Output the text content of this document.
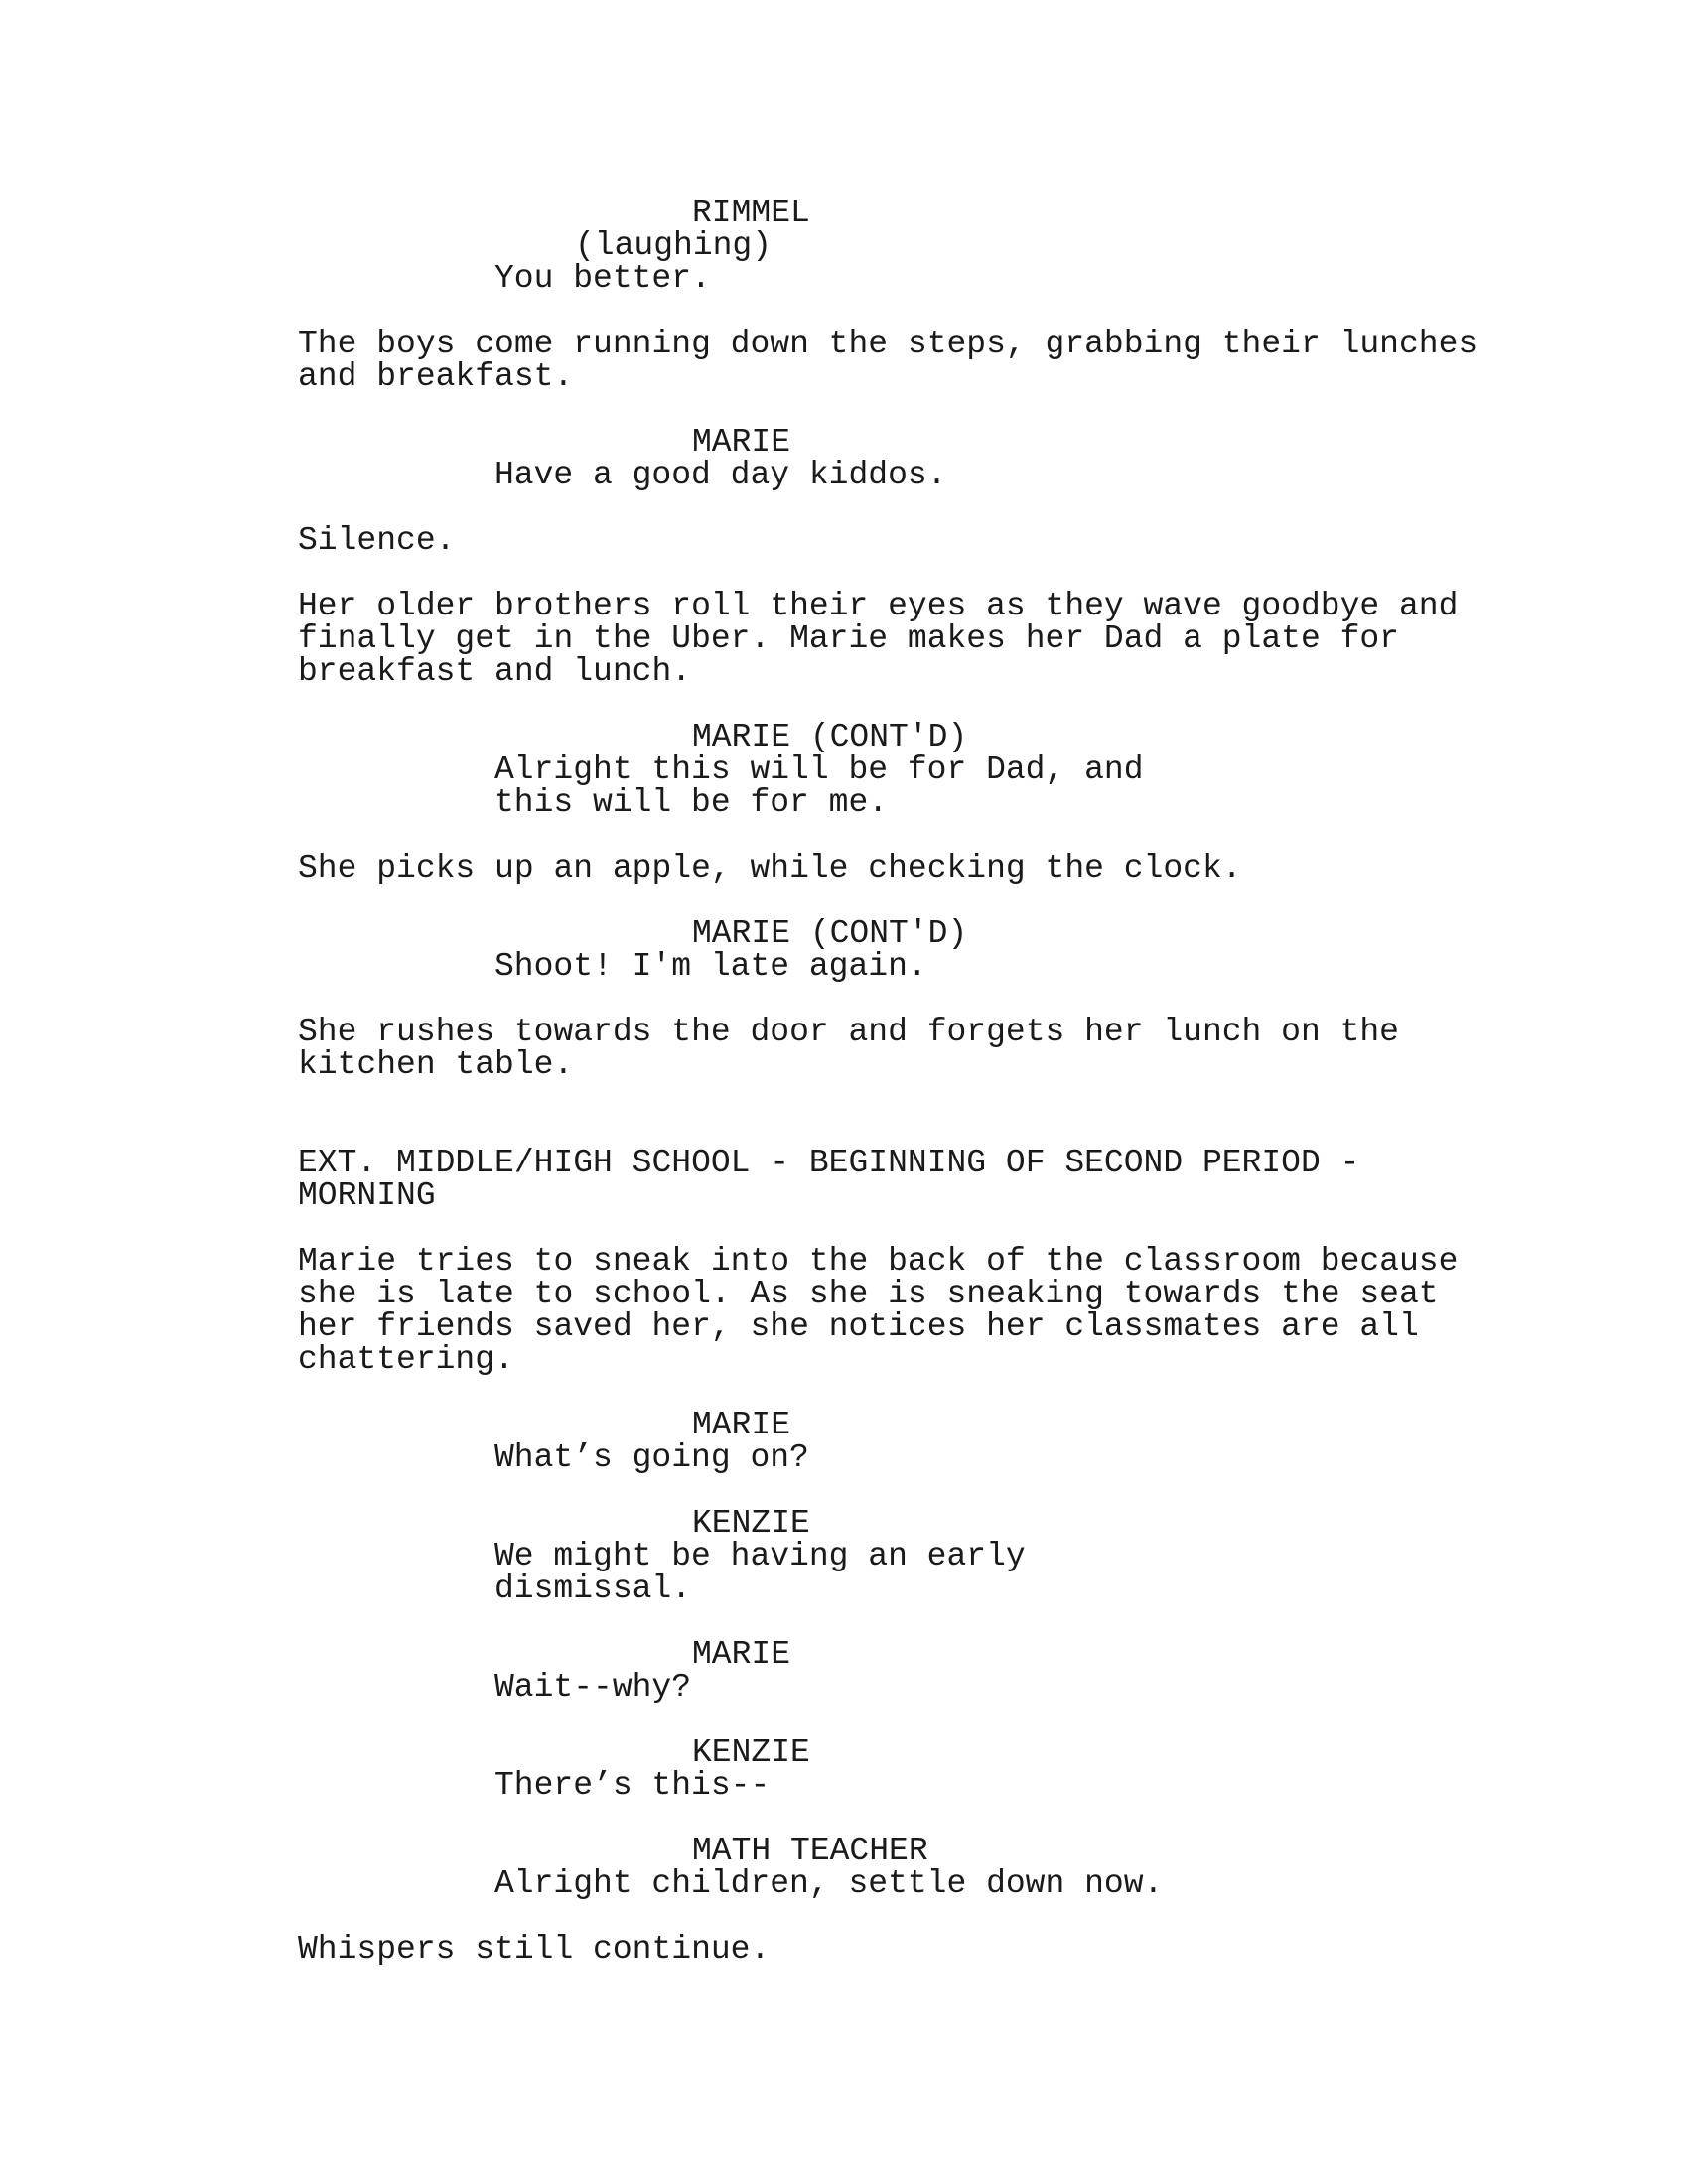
RIMMEL

(laughing)

You better.

The boys come running down the steps, grabbing their lunches

and breakfast.

MARIE

Have a good day kiddos.

Silence.

Her older brothers roll their eyes as they wave goodbye and

finally get in the Uber. Marie makes her Dad a plate for

breakfast and lunch.

MARIE (CONT'D)

Alright this will be for Dad, and

this will be for me.

She picks up an apple, while checking the clock.

MARIE (CONT'D)

Shoot! I'm late again.

She rushes towards the door and forgets her lunch on the

kitchen table.

EXT. MIDDLE/HIGH SCHOOL - BEGINNING OF SECOND PERIOD -

MORNING

Marie tries to sneak into the back of the classroom because

she is late to school. As she is sneaking towards the seat

her friends saved her, she notices her classmates are all

chattering.

MARIE

What’s going on?

KENZIE

We might be having an early

dismissal.

MARIE

Wait--why?

KENZIE

There’s this--

MATH TEACHER

Alright children, settle down now.

Whispers still continue.
